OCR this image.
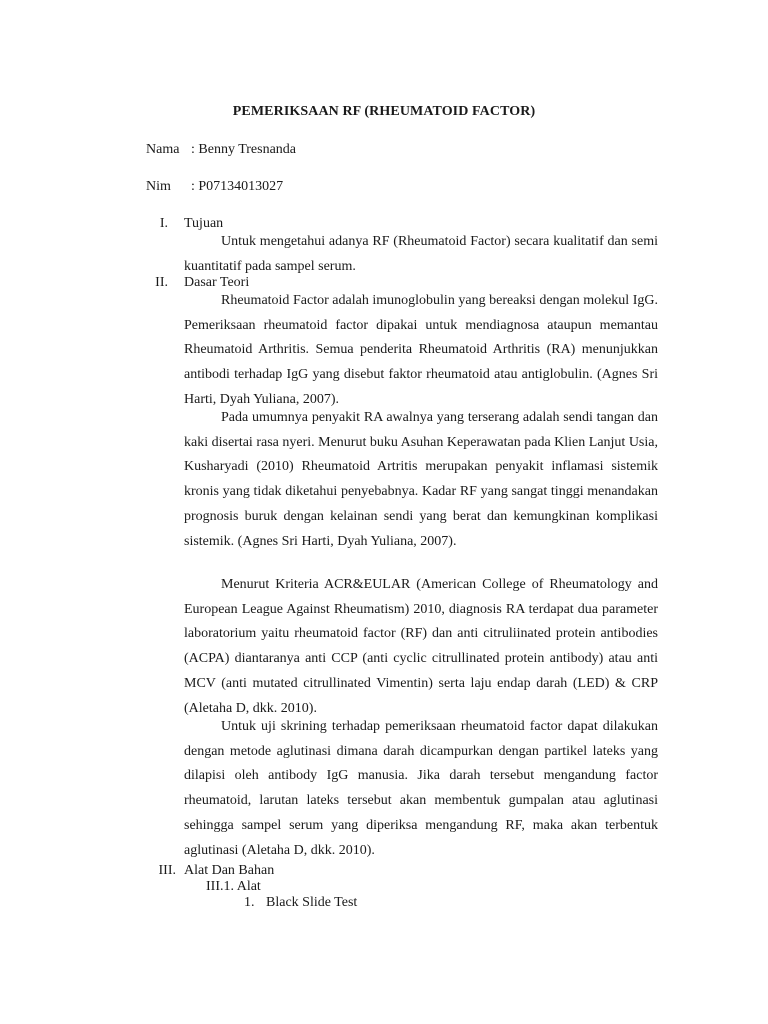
PEMERIKSAAN RF (RHEUMATOID FACTOR)
Nama : Benny Tresnanda
Nim : P07134013027
I. Tujuan
Untuk mengetahui adanya RF (Rheumatoid Factor) secara kualitatif dan semi kuantitatif pada sampel serum.
II. Dasar Teori
Rheumatoid Factor adalah imunoglobulin yang bereaksi dengan molekul IgG. Pemeriksaan rheumatoid factor dipakai untuk mendiagnosa ataupun memantau Rheumatoid Arthritis. Semua penderita Rheumatoid Arthritis (RA) menunjukkan antibodi terhadap IgG yang disebut faktor rheumatoid atau antiglobulin. (Agnes Sri Harti, Dyah Yuliana, 2007).
Pada umumnya penyakit RA awalnya yang terserang adalah sendi tangan dan kaki disertai rasa nyeri. Menurut buku Asuhan Keperawatan pada Klien Lanjut Usia, Kusharyadi (2010) Rheumatoid Artritis merupakan penyakit inflamasi sistemik kronis yang tidak diketahui penyebabnya. Kadar RF yang sangat tinggi menandakan prognosis buruk dengan kelainan sendi yang berat dan kemungkinan komplikasi sistemik. (Agnes Sri Harti, Dyah Yuliana, 2007).
Menurut Kriteria ACR&EULAR (American College of Rheumatology and European League Against Rheumatism) 2010, diagnosis RA terdapat dua parameter laboratorium yaitu rheumatoid factor (RF) dan anti citruliinated protein antibodies (ACPA) diantaranya anti CCP (anti cyclic citrullinated protein antibody) atau anti MCV (anti mutated citrullinated Vimentin) serta laju endap darah (LED) & CRP (Aletaha D, dkk. 2010).
Untuk uji skrining terhadap pemeriksaan rheumatoid factor dapat dilakukan dengan metode aglutinasi dimana darah dicampurkan dengan partikel lateks yang dilapisi oleh antibody IgG manusia. Jika darah tersebut mengandung factor rheumatoid, larutan lateks tersebut akan membentuk gumpalan atau aglutinasi sehingga sampel serum yang diperiksa mengandung RF, maka akan terbentuk aglutinasi (Aletaha D, dkk. 2010).
III. Alat Dan Bahan
III.1. Alat
1. Black Slide Test
